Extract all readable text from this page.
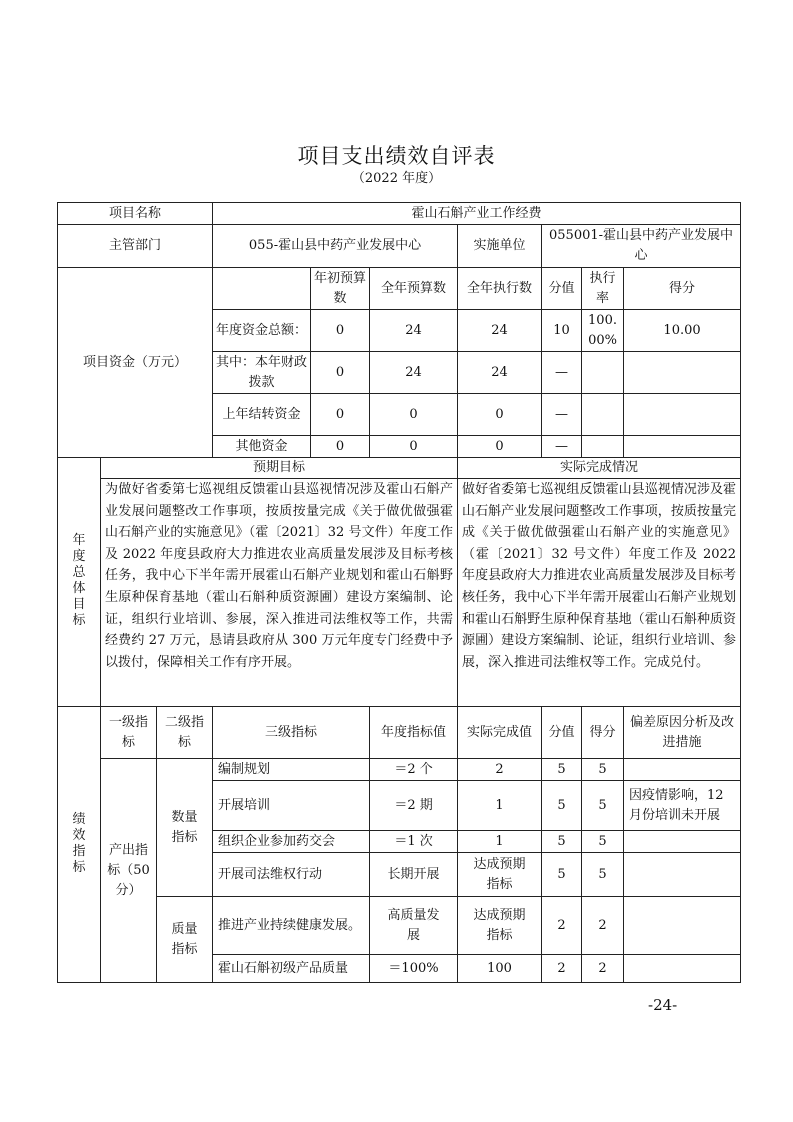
项目支出绩效自评表
（2022 年度）
项目名称			霍山石斛产业工作经费						
主管部门			055-霍山县中药产业发展中心			实施单位	055001-霍山县中药产业发展中心		
项目资金（万元）				年初预算数	全年预算数	全年执行数	分值	执行率	得分
			年度资金总额：	0	24	24	10	100.00%	10.00
			其中：本年财政拨款	0	24	24	—		
			上年结转资金	0	0	0	—		
			其他资金	0	0	0	—		
年度总体目标	预期目标					实际完成情况			
	为做好省委第七巡视组反馈霍山县巡视情况涉及霍山石斛产业发展问题整改工作事项，按质按量完成《关于做优做强霍山石斛产业的实施意见》（霍〔2021〕32 号文件）年度工作及 2022 年度县政府大力推进农业高质量发展涉及目标考核任务，我中心下半年需开展霍山石斛产业规划和霍山石斛野生原种保育基地（霍山石斛种质资源圃）建设方案编制、论证，组织行业培训、参展，深入推进司法维权等工作，共需经费约 27 万元，恳请县政府从 300 万元年度专门经费中予以拨付，保障相关工作有序开展。					做好省委第七巡视组反馈霍山县巡视情况涉及霍山石斛产业发展问题整改工作事项，按质按量完成《关于做优做强霍山石斛产业的实施意见》（霍〔2021〕32 号文件）年度工作及 2022 年度县政府大力推进农业高质量发展涉及目标考核任务，我中心下半年需开展霍山石斛产业规划和霍山石斛野生原种保育基地（霍山石斛种质资源圃）建设方案编制、论证，组织行业培训、参展，深入推进司法维权等工作。完成兑付。			
绩效指标	一级指标	二级指标	三级指标		年度指标值	实际完成值	分值	得分	偏差原因分析及改进措施
	产出指标（50分）	数量指标	编制规划		＝2 个	2	5	5	
			开展培训		＝2 期	1	5	5	因疫情影响，12 月份培训未开展
			组织企业参加药交会		＝1 次	1	5	5	
			开展司法维权行动		长期开展	达成预期指标	5	5	
		质量指标	推进产业持续健康发展。		高质量发展	达成预期指标	2	2	
			霍山石斛初级产品质量		＝100%	100	2	2	
-24-
